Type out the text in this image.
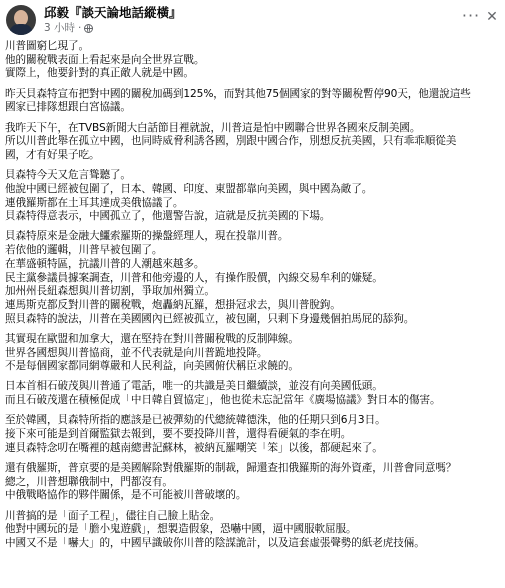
邱毅『談天論地話縱橫』
3 小時 ·
··· ✕
川普圖窮匕現了。
他的關稅戰表面上看起來是向全世界宣戰。
實際上，他要針對的真正敵人就是中國。
昨天貝森特宣布把對中國的關稅加碼到125%，而對其他75個國家的對等關稅暫停90天，他還說這些
國家已排隊想跟白宮協議。
我昨天下午，在TVBS新聞大白話節目裡就說，川普這是怕中國聯合世界各國來反制美國。
所以川普此舉在孤立中國，也同時威脅利誘各國，別跟中國合作，別想反抗美國，只有乖乖順從美
國，才有好果子吃。
貝森特今天又危言聳聽了。
他說中國已經被包圍了，日本、韓國、印度、東盟都靠向美國，與中國為敵了。
連俄羅斯都在土耳其達成美俄協議了。
貝森特得意表示，中國孤立了，他還警告說，這就是反抗美國的下場。
貝森特原來是金融大鱷索羅斯的操盤經理人，現在投靠川普。
若依他的邏輯，川普早被包圍了。
在華盛頓特區，抗議川普的人潮越來越多。
民主黨參議員據案調查，川普和他旁邊的人，有操作股價，內線交易牟利的嫌疑。
加州州長紐森想與川普切割，爭取加州獨立。
連馬斯克都反對川普的關稅戰，炮轟納瓦羅，想掛冠求去，與川普脫鉤。
照貝森特的說法，川普在美國國內已經被孤立，被包圍，只剩下身邊幾個拍馬屁的舔狗。
其實現在歐盟和加拿大，還在堅持在對川普關稅戰的反制陣線。
世界各國想與川普協商，並不代表就是向川普跪地投降。
不是每個國家都同網尊嚴和人民利益，向美國俯伏稱臣求饒的。
日本首相石破茂與川普通了電話，唯一的共識是美日繼續談，並沒有向美國低頭。
而且石破茂還在積極促成「中日韓自貿協定」，他也從未忘記當年《廣場協議》對日本的傷害。
至於韓國，貝森特所指的應該是已被彈劾的代總統韓德洙，他的任期只到6月3日。
接下來可能是到首爾監獄去報到，要不要投降川普，還得看硬氣的李在明。
連貝森特念叨在嘴裡的越南總書記蘇林，被納瓦羅嘲笑「笨」以後，都硬起來了。
還有俄羅斯，普京要的是美國解除對俄羅斯的制裁，歸還查扣俄羅斯的海外資產，川普會同意嗎？
總之，川普想聯俄制中，門都沒有。
中俄戰略協作的夥伴關係，是不可能被川普破壞的。
川普搞的是「面子工程」，儘往自己臉上貼金。
他對中國玩的是「膽小鬼遊戲」，想製造假象，恐嚇中國，逼中國服軟屈服。
中國又不是「嚇大」的，中國早識破你川普的陰謀詭計，以及這套虛張聲勢的紙老虎技倆。
